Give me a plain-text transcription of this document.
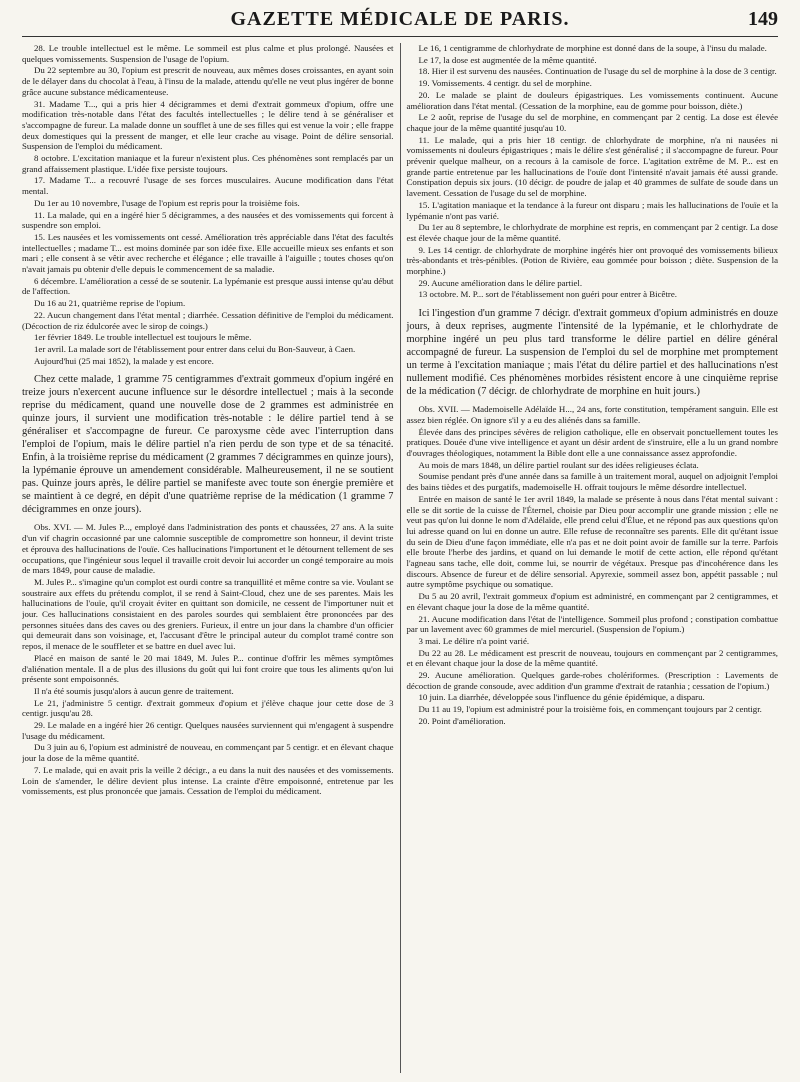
GAZETTE MÉDICALE DE PARIS.	149

28. Le trouble intellectuel est le même. Le sommeil est plus calme et plus prolongé. Nausées et quelques vomissements. Suspension de l'usage de l'opium.

Du 22 septembre au 30, l'opium est prescrit de nouveau, aux mêmes doses croissantes, en ayant soin de le délayer dans du chocolat à l'eau, à l'insu de la malade, attendu qu'elle ne veut plus ingérer de bonne grâce aucune substance médicamenteuse.

31. Madame T..., qui a pris hier 4 décigrammes et demi d'extrait gommeux d'opium, offre une modification très-notable dans l'état des facultés intellectuelles ; le délire tend à se généraliser et s'accompagne de fureur. La malade donne un soufflet à une de ses filles qui est venue la voir ; elle frappe deux domestiques qui la pressent de manger, et elle leur crache au visage. Point de délire sensorial. Suspension de l'emploi du médicament.

8 octobre. L'excitation maniaque et la fureur n'existent plus. Ces phénomènes sont remplacés par un grand affaissement plastique. L'idée fixe persiste toujours.

17. Madame T... a recouvré l'usage de ses forces musculaires. Aucune modification dans l'état mental.

Du 1er au 10 novembre, l'usage de l'opium est repris pour la troisième fois.

11. La malade, qui en a ingéré hier 5 décigrammes, a des nausées et des vomissements qui forcent à suspendre son emploi.

15. Les nausées et les vomissements ont cessé. Amélioration très appréciable dans l'état des facultés intellectuelles ; madame T... est moins dominée par son idée fixe. Elle accueille mieux ses enfants et son mari ; elle consent à se vêtir avec recherche et élégance ; elle travaille à l'aiguille ; toutes choses qu'on n'avait jamais pu obtenir d'elle depuis le commencement de sa maladie.

6 décembre. L'amélioration a cessé de se soutenir. La lypémanie est presque aussi intense qu'au début de l'affection.

Du 16 au 21, quatrième reprise de l'opium.

22. Aucun changement dans l'état mental ; diarrhée. Cessation définitive de l'emploi du médicament. (Décoction de riz édulcorée avec le sirop de coings.)

1er février 1849. Le trouble intellectuel est toujours le même.

1er avril. La malade sort de l'établissement pour entrer dans celui du Bon-Sauveur, à Caen.

Aujourd'hui (25 mai 1852), la malade y est encore.

Chez cette malade, 1 gramme 75 centigrammes d'extrait gommeux d'opium ingéré en treize jours n'exercent aucune influence sur le désordre intellectuel ; mais à la seconde reprise du médicament, quand une nouvelle dose de 2 grammes est administrée en quinze jours, il survient une modification très-notable : le délire partiel tend à se généraliser et s'accompagne de fureur. Ce paroxysme cède avec l'interruption dans l'emploi de l'opium, mais le délire partiel n'a rien perdu de son type et de sa ténacité. Enfin, à la troisième reprise du médicament (2 grammes 7 décigrammes en quinze jours), la lypémanie éprouve un amendement considérable. Malheureusement, il ne se soutient pas. Quinze jours après, le délire partiel se manifeste avec toute son énergie première et se maintient à ce degré, en dépit d'une quatrième reprise de la médication (1 gramme 7 décigrammes en onze jours).

Obs. XVI. — M. Jules P..., employé dans l'administration des ponts et chaussées, 27 ans. A la suite d'un vif chagrin occasionné par une calomnie susceptible de compromettre son honneur, il devint triste et éprouva des hallucinations de l'ouïe. Ces hallucinations l'importunent et le détournent tellement de ses occupations, que l'ingénieur sous lequel il travaille croit devoir lui accorder un congé temporaire au mois de mars 1849, pour cause de maladie.

M. Jules P... s'imagine qu'un complot est ourdi contre sa tranquillité et même contre sa vie. Voulant se soustraire aux effets du prétendu complot, il se rend à Saint-Cloud, chez une de ses parentes. Mais les hallucinations de l'ouïe, qu'il croyait éviter en quittant son domicile, ne cessent de l'importuner nuit et jour. Ces hallucinations consistaient en des paroles sourdes qui semblaient être prononcées par des personnes situées dans des caves ou des greniers. Furieux, il entre un jour dans la chambre d'un officier qui demeurait dans son voisinage, et, l'accusant d'être le principal auteur du complot tramé contre son repos, il menace de le souffleter et se battre en duel avec lui.

Placé en maison de santé le 20 mai 1849, M. Jules P... continue d'offrir les mêmes symptômes d'aliénation mentale. Il a de plus des illusions du goût qui lui font croire que tous les aliments qu'on lui présente sont empoisonnés.

Il n'a été soumis jusqu'alors à aucun genre de traitement.

Le 21, j'administre 5 centigr. d'extrait gommeux d'opium et j'élève chaque jour cette dose de 3 centigr. jusqu'au 28.

29. Le malade en a ingéré hier 26 centigr. Quelques nausées surviennent qui m'engagent à suspendre l'usage du médicament.

Du 3 juin au 6, l'opium est administré de nouveau, en commençant par 5 centigr. et en élevant chaque jour la dose de la même quantité.

7. Le malade, qui en avait pris la veille 2 décigr., a eu dans la nuit des nausées et des vomissements. Loin de s'amender, le délire devient plus intense. La crainte d'être empoisonné, entretenue par les vomissements, est plus prononcée que jamais. Cessation de l'emploi du médicament.

Le 16, 1 centigramme de chlorhydrate de morphine est donné dans de la soupe, à l'insu du malade.

Le 17, la dose est augmentée de la même quantité.

18. Hier il est survenu des nausées. Continuation de l'usage du sel de morphine à la dose de 3 centigr.

19. Vomissements. 4 centigr. du sel de morphine.

20. Le malade se plaint de douleurs épigastriques. Les vomissements continuent. Aucune amélioration dans l'état mental. (Cessation de la morphine, eau de gomme pour boisson, diète.)

Le 2 août, reprise de l'usage du sel de morphine, en commençant par 2 centig. La dose est élevée chaque jour de la même quantité jusqu'au 10.

11. Le malade, qui a pris hier 18 centigr. de chlorhydrate de morphine, n'a ni nausées ni vomissements ni douleurs épigastriques ; mais le délire s'est généralisé ; il s'accompagne de fureur. Pour prévenir quelque malheur, on a recours à la camisole de force. L'agitation extrême de M. P... est en grande partie entretenue par les hallucinations de l'ouïe dont l'intensité n'avait jamais été aussi grande. Constipation depuis six jours. (10 décigr. de poudre de jalap et 40 grammes de sulfate de soude dans un lavement. Cessation de l'usage du sel de morphine.

15. L'agitation maniaque et la tendance à la fureur ont disparu ; mais les hallucinations de l'ouïe et la lypémanie n'ont pas varié.

Du 1er au 8 septembre, le chlorhydrate de morphine est repris, en commençant par 2 centigr. La dose est élevée chaque jour de la même quantité.

9. Les 14 centigr. de chlorhydrate de morphine ingérés hier ont provoqué des vomissements bilieux très-abondants et très-pénibles. (Potion de Rivière, eau gommée pour boisson ; diète. Suspension de la morphine.)

29. Aucune amélioration dans le délire partiel.

13 octobre. M. P... sort de l'établissement non guéri pour entrer à Bicêtre.

Ici l'ingestion d'un gramme 7 décigr. d'extrait gommeux d'opium administrés en douze jours, à deux reprises, augmente l'intensité de la lypémanie, et le chlorhydrate de morphine ingéré un peu plus tard transforme le délire partiel en délire général accompagné de fureur. La suspension de l'emploi du sel de morphine met promptement un terme à l'excitation maniaque ; mais l'état du délire partiel et des hallucinations n'est nullement modifié. Ces phénomènes morbides résistent encore à une cinquième reprise de la médication (7 décigr. de chlorhydrate de morphine en huit jours.)

Obs. XVII. — Mademoiselle Adélaïde H..., 24 ans, forte constitution, tempérament sanguin. Elle est assez bien réglée. On ignore s'il y a eu des aliénés dans sa famille.

Élevée dans des principes sévères de religion catholique, elle en observait ponctuellement toutes les pratiques. Douée d'une vive intelligence et ayant un désir ardent de s'instruire, elle a lu un grand nombre d'ouvrages théologiques, notamment la Bible dont elle a une connaissance assez approfondie.

Au mois de mars 1848, un délire partiel roulant sur des idées religieuses éclata.

Soumise pendant près d'une année dans sa famille à un traitement moral, auquel on adjoignit l'emploi des bains tièdes et des purgatifs, mademoiselle H. offrait toujours le même désordre intellectuel.

Entrée en maison de santé le 1er avril 1849, la malade se présente à nous dans l'état mental suivant : elle se dit sortie de la cuisse de l'Éternel, choisie par Dieu pour accomplir une grande mission ; elle ne veut pas qu'on lui donne le nom d'Adélaïde, elle prend celui d'Élue, et ne répond pas aux questions qu'on lui adresse quand on lui en donne un autre. Elle refuse de reconnaître ses parents. Elle dit qu'étant issue du sein de Dieu d'une façon immédiate, elle n'a pas et ne doit point avoir de famille sur la terre. Parfois elle broute l'herbe des jardins, et quand on lui demande le motif de cette action, elle répond qu'étant l'agneau sans tache, elle doit, comme lui, se nourrir de végétaux. Presque pas d'incohérence dans les discours. Absence de fureur et de délire sensorial. Apyrexie, sommeil assez bon, appétit passable ; nul autre symptôme psychique ou somatique.

Du 5 au 20 avril, l'extrait gommeux d'opium est administré, en commençant par 2 centigrammes, et en élevant chaque jour la dose de la même quantité.

21. Aucune modification dans l'état de l'intelligence. Sommeil plus profond ; constipation combattue par un lavement avec 60 grammes de miel mercuriel. (Suspension de l'opium.)

3 mai. Le délire n'a point varié.

Du 22 au 28. Le médicament est prescrit de nouveau, toujours en commençant par 2 centigrammes, et en élevant chaque jour la dose de la même quantité.

29. Aucune amélioration. Quelques garde-robes cholériformes. (Prescription : Lavements de décoction de grande consoude, avec addition d'un gramme d'extrait de ratanhia ; cessation de l'opium.)

10 juin. La diarrhée, développée sous l'influence du génie épidémique, a disparu.

Du 11 au 19, l'opium est administré pour la troisième fois, en commençant toujours par 2 centigr.

20. Point d'amélioration.
